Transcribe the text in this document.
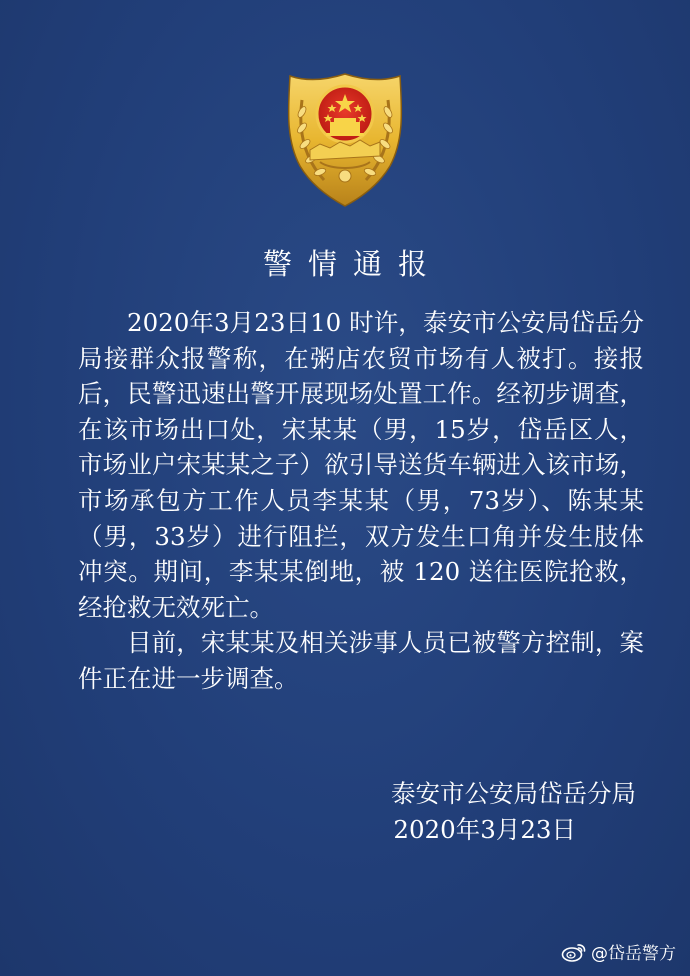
警情通报

2020年3月23日10 时许，泰安市公安局岱岳分局接群众报警称，在粥店农贸市场有人被打。接报后，民警迅速出警开展现场处置工作。经初步调查，在该市场出口处，宋某某（男，15岁，岱岳区人，市场业户宋某某之子）欲引导送货车辆进入该市场，市场承包方工作人员李某某（男，73岁）、陈某某（男，33岁）进行阻拦，双方发生口角并发生肢体冲突。期间，李某某倒地，被 120 送往医院抢救，经抢救无效死亡。

目前，宋某某及相关涉事人员已被警方控制，案件正在进一步调查。

泰安市公安局岱岳分局
2020年3月23日
@岱岳警方
